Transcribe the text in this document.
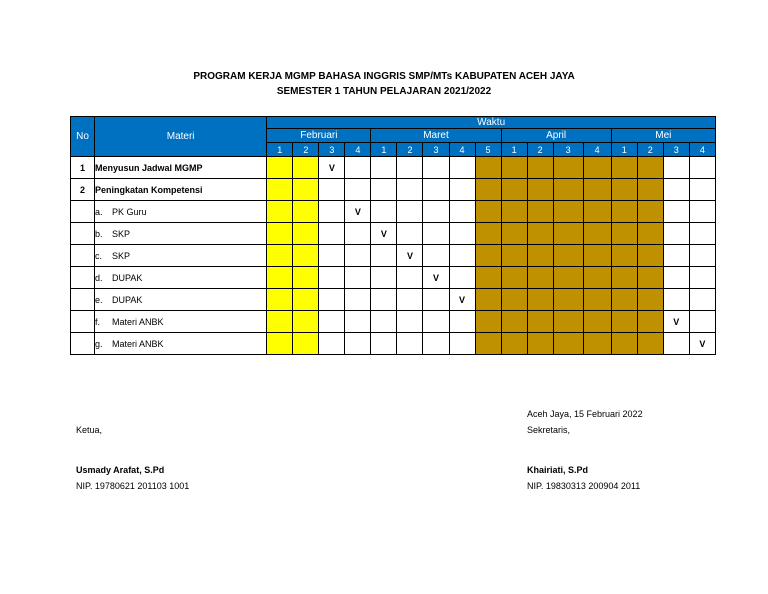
PROGRAM KERJA MGMP BAHASA INGGRIS SMP/MTs KABUPATEN ACEH JAYA
SEMESTER 1 TAHUN PELAJARAN 2021/2022
No	Materi	Waktu																
		Februari				Maret					April				Mei			
		1	2	3	4	1	2	3	4	5	1	2	3	4	1	2	3	4
1	Menyusun Jadwal MGMP			V														
2	Peningkatan Kompetensi																	
	a. PK Guru				V													
	b. SKP					V												
	c. SKP						V											
	d. DUPAK							V										
	e. DUPAK								V									
	f. Materi ANBK																V	
	g. Materi ANBK																	V
Aceh Jaya, 15 Februari 2022
Ketua,	Sekretaris,
Usmady Arafat, S.Pd	Khairiati, S.Pd
NIP. 19780621 201103 1001	NIP. 19830313 200904 2011
